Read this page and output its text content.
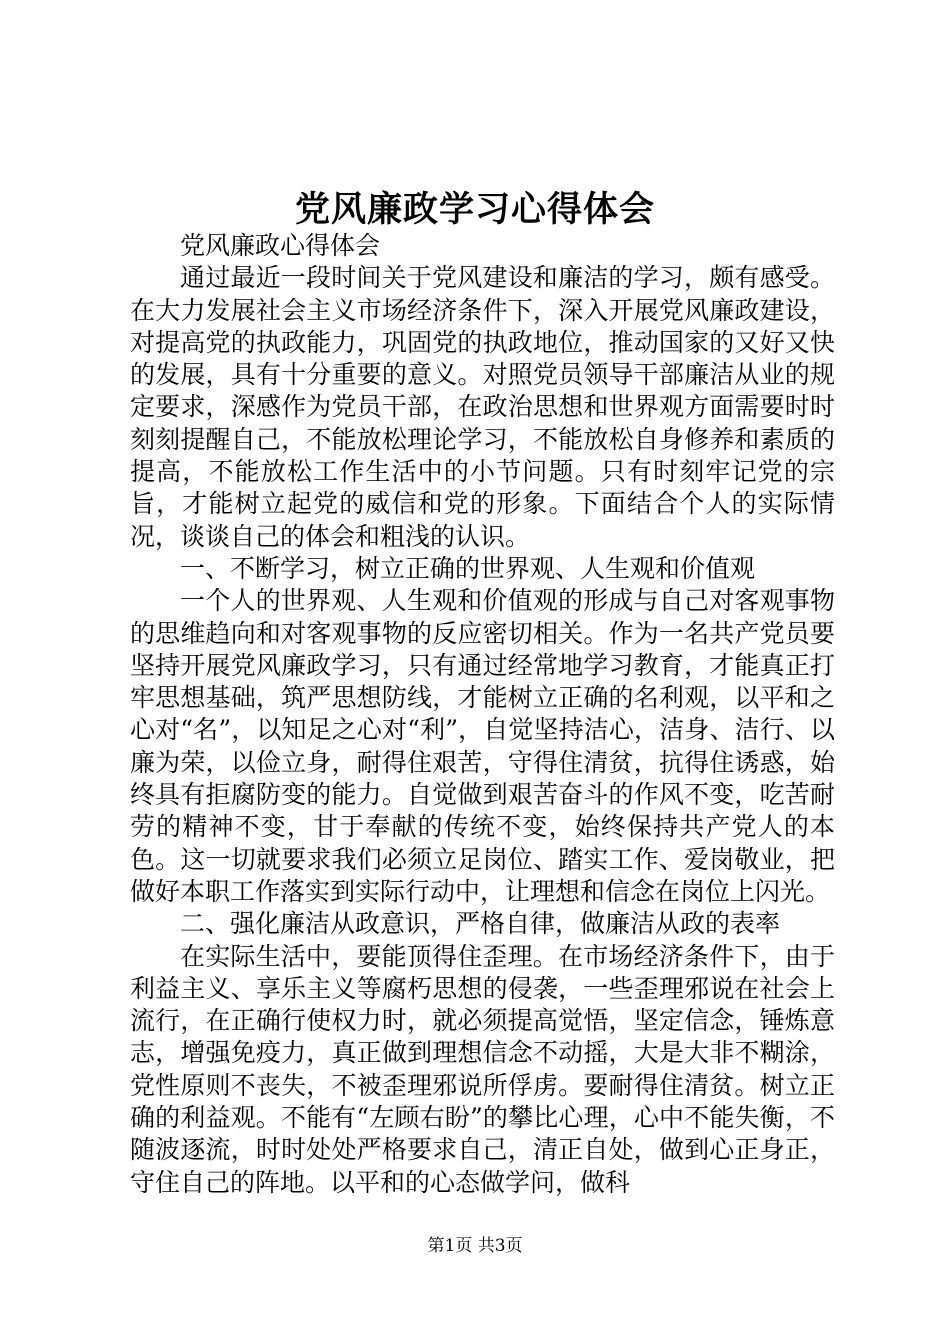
党风廉政学习心得体会

党风廉政心得体会

通过最近一段时间关于党风建设和廉洁的学习，颇有感受。在大力发展社会主义市场经济条件下，深入开展党风廉政建设，对提高党的执政能力，巩固党的执政地位，推动国家的又好又快的发展，具有十分重要的意义。对照党员领导干部廉洁从业的规定要求，深感作为党员干部，在政治思想和世界观方面需要时时刻刻提醒自己，不能放松理论学习，不能放松自身修养和素质的提高，不能放松工作生活中的小节问题。只有时刻牢记党的宗旨，才能树立起党的威信和党的形象。下面结合个人的实际情况，谈谈自己的体会和粗浅的认识。

一、不断学习，树立正确的世界观、人生观和价值观

一个人的世界观、人生观和价值观的形成与自己对客观事物的思维趋向和对客观事物的反应密切相关。作为一名共产党员要坚持开展党风廉政学习，只有通过经常地学习教育，才能真正打牢思想基础，筑严思想防线，才能树立正确的名利观，以平和之心对“名”，以知足之心对“利”，自觉坚持洁心，洁身、洁行、以廉为荣，以俭立身，耐得住艰苦，守得住清贫，抗得住诱惑，始终具有拒腐防变的能力。自觉做到艰苦奋斗的作风不变，吃苦耐劳的精神不变，甘于奉献的传统不变，始终保持共产党人的本色。这一切就要求我们必须立足岗位、踏实工作、爱岗敬业，把做好本职工作落实到实际行动中，让理想和信念在岗位上闪光。

二、强化廉洁从政意识，严格自律，做廉洁从政的表率

在实际生活中，要能顶得住歪理。在市场经济条件下，由于利益主义、享乐主义等腐朽思想的侵袭，一些歪理邪说在社会上流行，在正确行使权力时，就必须提高觉悟，坚定信念，锤炼意志，增强免疫力，真正做到理想信念不动摇，大是大非不糊涂，党性原则不丧失，不被歪理邪说所俘虏。要耐得住清贫。树立正确的利益观。不能有“左顾右盼”的攀比心理，心中不能失衡，不随波逐流，时时处处严格要求自己，清正自处，做到心正身正，守住自己的阵地。以平和的心态做学问，做科

第1页 共3页
